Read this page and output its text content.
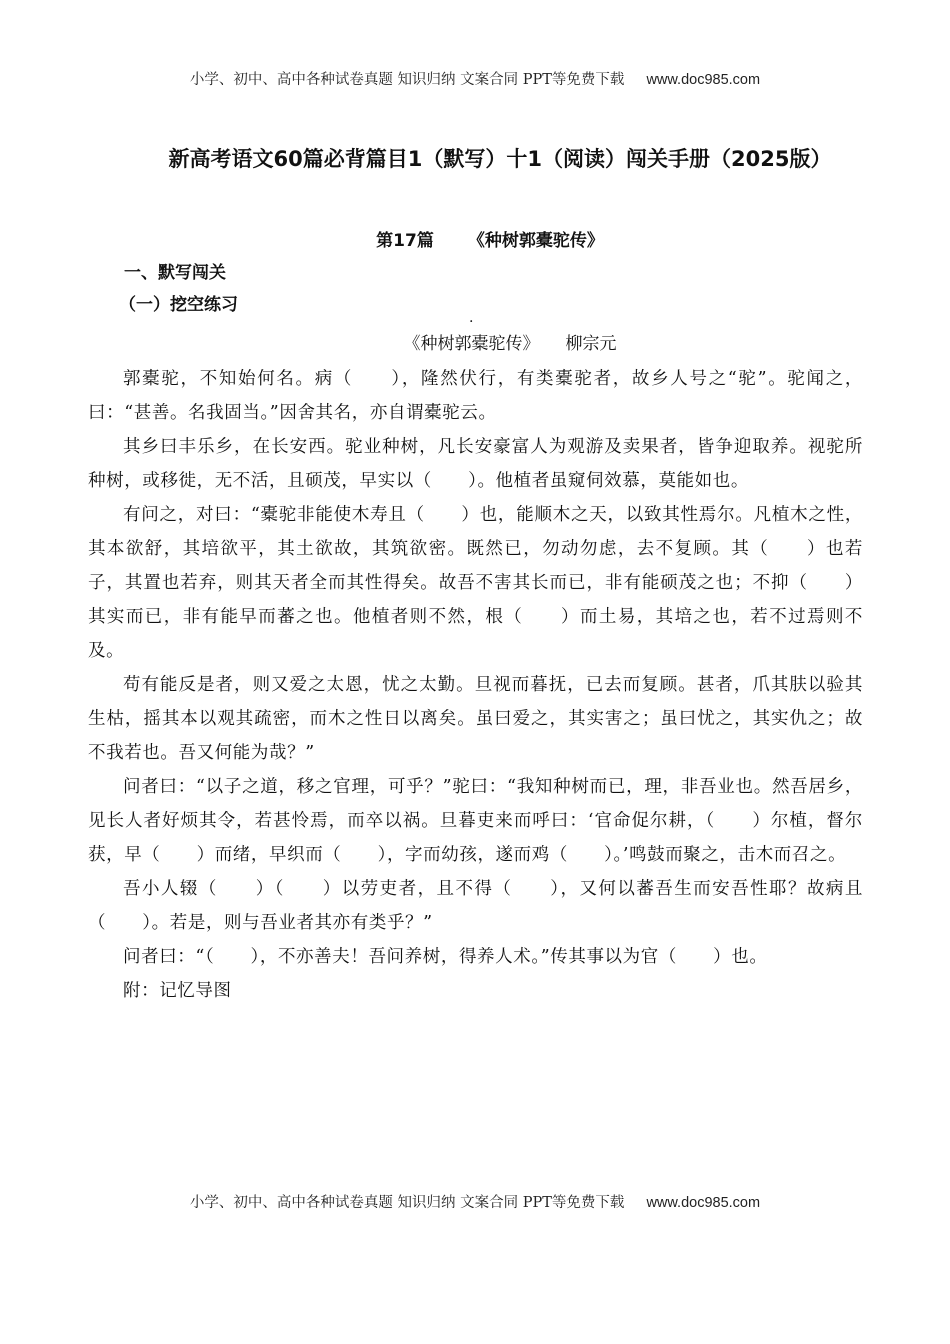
小学、初中、高中各种试卷真题 知识归纳 文案合同 PPT等免费下载 www.doc985.com
新高考语文60篇必背篇目1（默写）十1（阅读）闯关手册（2025版）
第17篇 《种树郭橐驼传》
一、默写闯关
（一）挖空练习
.
《种树郭橐驼传》 柳宗元

郭橐驼，不知始何名。病（　　），隆然伏行，有类橐驼者，故乡人号之“驼”。驼闻之，曰：“甚善。名我固当。”因舍其名，亦自谓橐驼云。

其乡曰丰乐乡，在长安西。驼业种树，凡长安豪富人为观游及卖果者，皆争迎取养。视驼所种树，或移徙，无不活，且硕茂，早实以（　　）。他植者虽窥伺效慕，莫能如也。

有问之，对曰：“橐驼非能使木寿且（　　）也，能顺木之天，以致其性焉尔。凡植木之性，其本欲舒，其培欲平，其土欲故，其筑欲密。既然已，勿动勿虑，去不复顾。其（　　）也若子，其置也若弃，则其天者全而其性得矣。故吾不害其长而已，非有能硕茂之也；不抑（　　）其实而已，非有能早而蕃之也。他植者则不然，根（　　）而土易，其培之也，若不过焉则不及。

苟有能反是者，则又爱之太恩，忧之太勤。旦视而暮抚，已去而复顾。甚者，爪其肤以验其生枯，摇其本以观其疏密，而木之性日以离矣。虽曰爱之，其实害之；虽曰忧之，其实仇之；故不我若也。吾又何能为哉？”

问者曰：“以子之道，移之官理，可乎？”驼曰：“我知种树而已，理，非吾业也。然吾居乡，见长人者好烦其令，若甚怜焉，而卒以祸。旦暮吏来而呼曰：‘官命促尔耕，（　　）尔植，督尔获，早（　　）而绪，早织而（　　），字而幼孩，遂而鸡（　　）。’鸣鼓而聚之，击木而召之。

吾小人辍（　　）（　　）以劳吏者，且不得（　　），又何以蕃吾生而安吾性耶？故病且（　　）。若是，则与吾业者其亦有类乎？”

问者曰：“（　　），不亦善夫！吾问养树，得养人术。”传其事以为官（　　）也。

附：记忆导图

小学、初中、高中各种试卷真题 知识归纳 文案合同 PPT等免费下载 www.doc985.com
